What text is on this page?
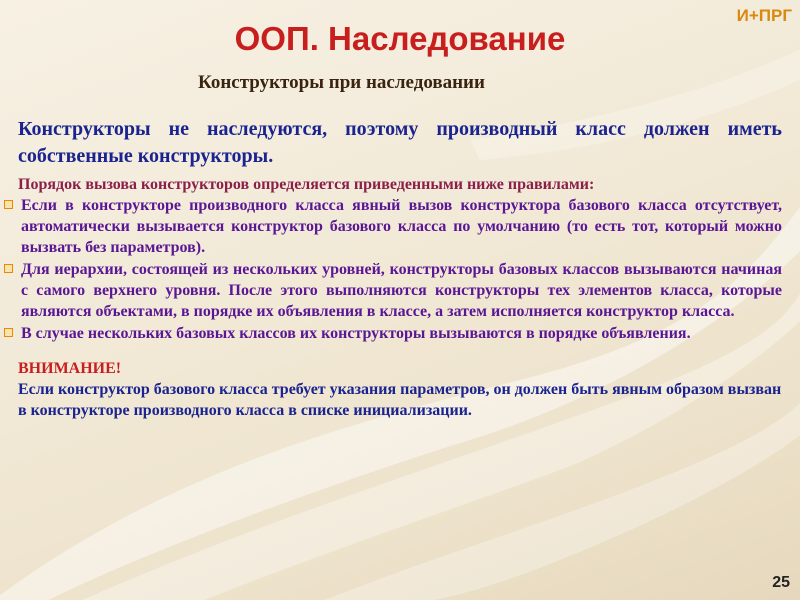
И+ПРГ
ООП. Наследование
Конструкторы при наследовании

Конструкторы не наследуются, поэтому производный класс должен иметь собственные конструкторы.

Порядок вызова конструкторов определяется приведенными ниже правилами:

Если в конструкторе производного класса явный вызов конструктора базового класса отсутствует, автоматически вызывается конструктор базового класса по умолчанию (то есть тот, который можно вызвать без параметров).
Для иерархии, состоящей из нескольких уровней, конструкторы базовых классов вызываются начиная с самого верхнего уровня. После этого выполняются конструкторы тех элементов класса, которые являются объектами, в порядке их объявления в классе, а затем исполняется конструктор класса.
В случае нескольких базовых классов их конструкторы вызываются в порядке объявления.

ВНИМАНИЕ!

Если конструктор базового класса требует указания параметров, он должен быть явным образом вызван в конструкторе производного класса в списке инициализации.

25
